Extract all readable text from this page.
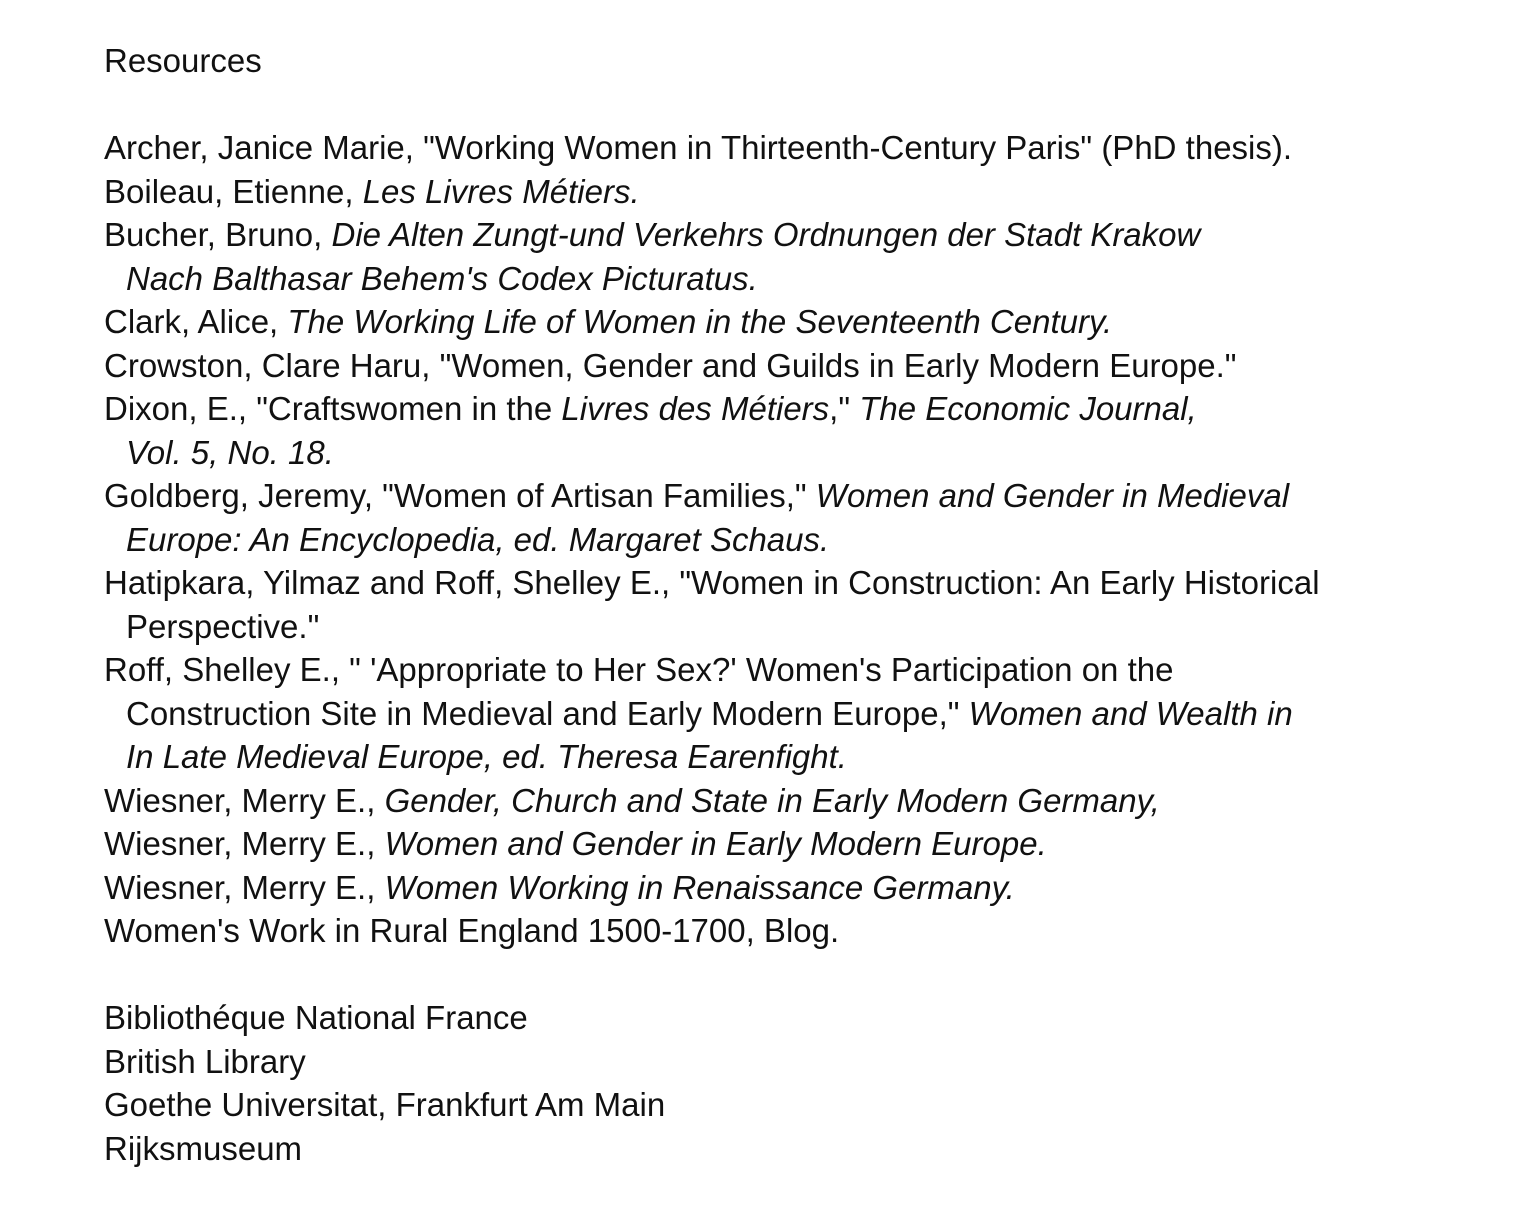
Resources
Archer, Janice Marie, "Working Women in Thirteenth-Century Paris" (PhD thesis).
Boileau, Etienne, Les Livres Métiers.
Bucher, Bruno, Die Alten Zungt-und Verkehrs Ordnungen der Stadt Krakow
Nach Balthasar Behem's Codex Picturatus.
Clark, Alice, The Working Life of Women in the Seventeenth Century.
Crowston, Clare Haru, "Women, Gender and Guilds in Early Modern Europe."
Dixon, E., "Craftswomen in the Livres des Métiers," The Economic Journal,
Vol. 5, No. 18.
Goldberg, Jeremy, "Women of Artisan Families," Women and Gender in Medieval
Europe: An Encyclopedia, ed. Margaret Schaus.
Hatipkara, Yilmaz and Roff, Shelley E., "Women in Construction: An Early Historical
Perspective."
Roff, Shelley E., " 'Appropriate to Her Sex?' Women's Participation on the
Construction Site in Medieval and Early Modern Europe," Women and Wealth in
In Late Medieval Europe, ed. Theresa Earenfight.
Wiesner, Merry E., Gender, Church and State in Early Modern Germany,
Wiesner, Merry E., Women and Gender in Early Modern Europe.
Wiesner, Merry E., Women Working in Renaissance Germany.
Women's Work in Rural England 1500-1700, Blog.
Bibliothéque National France
British Library
Goethe Universitat, Frankfurt Am Main
Rijksmuseum
